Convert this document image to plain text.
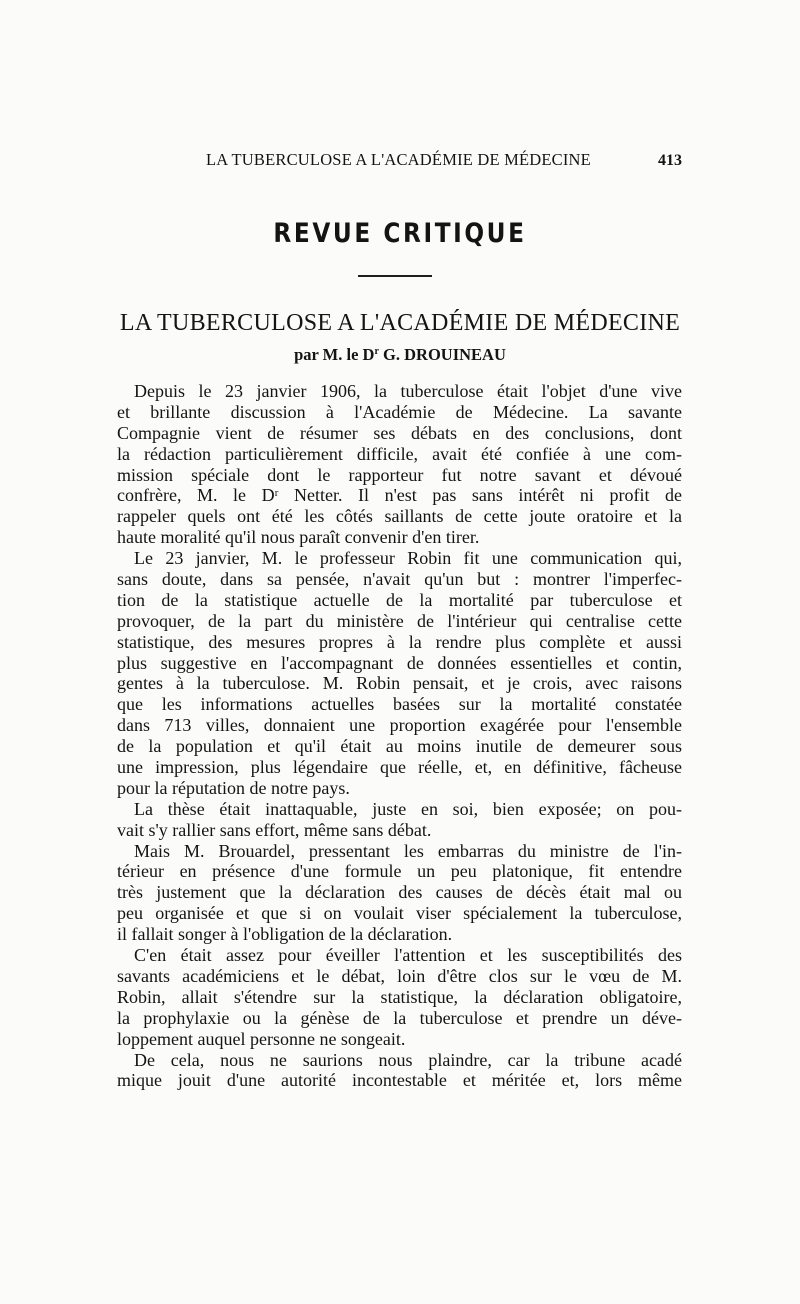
LA TUBERCULOSE A L'ACADÉMIE DE MÉDECINE	413
REVUE CRITIQUE
LA TUBERCULOSE A L'ACADÉMIE DE MÉDECINE
par M. le $D^r$ G. DROUINEAU
Depuis le 23 janvier 1906, la tuberculose était l'objet d'une vive
et brillante discussion à l'Académie de Médecine. La savante
Compagnie vient de résumer ses débats en des conclusions, dont
la rédaction particulièrement difficile, avait été confiée à une com-
mission spéciale dont le rapporteur fut notre savant et dévoué
confrère, M. le Dʳ Netter. Il n'est pas sans intérêt ni profit de
rappeler quels ont été les côtés saillants de cette joute oratoire et la
haute moralité qu'il nous paraît convenir d'en tirer.
Le 23 janvier, M. le professeur Robin fit une communication qui,
sans doute, dans sa pensée, n'avait qu'un but : montrer l'imperfec-
tion de la statistique actuelle de la mortalité par tuberculose et
provoquer, de la part du ministère de l'intérieur qui centralise cette
statistique, des mesures propres à la rendre plus complète et aussi
plus suggestive en l'accompagnant de données essentielles et contin,
gentes à la tuberculose. M. Robin pensait, et je crois, avec raisons
que les informations actuelles basées sur la mortalité constatée
dans 713 villes, donnaient une proportion exagérée pour l'ensemble
de la population et qu'il était au moins inutile de demeurer sous
une impression, plus légendaire que réelle, et, en définitive, fâcheuse
pour la réputation de notre pays.
La thèse était inattaquable, juste en soi, bien exposée; on pou-
vait s'y rallier sans effort, même sans débat.
Mais M. Brouardel, pressentant les embarras du ministre de l'in-
térieur en présence d'une formule un peu platonique, fit entendre
très justement que la déclaration des causes de décès était mal ou
peu organisée et que si on voulait viser spécialement la tuberculose,
il fallait songer à l'obligation de la déclaration.
C'en était assez pour éveiller l'attention et les susceptibilités des
savants académiciens et le débat, loin d'être clos sur le vœu de M.
Robin, allait s'étendre sur la statistique, la déclaration obligatoire,
la prophylaxie ou la génèse de la tuberculose et prendre un déve-
loppement auquel personne ne songeait.
De cela, nous ne saurions nous plaindre, car la tribune acadé
mique jouit d'une autorité incontestable et méritée et, lors même
